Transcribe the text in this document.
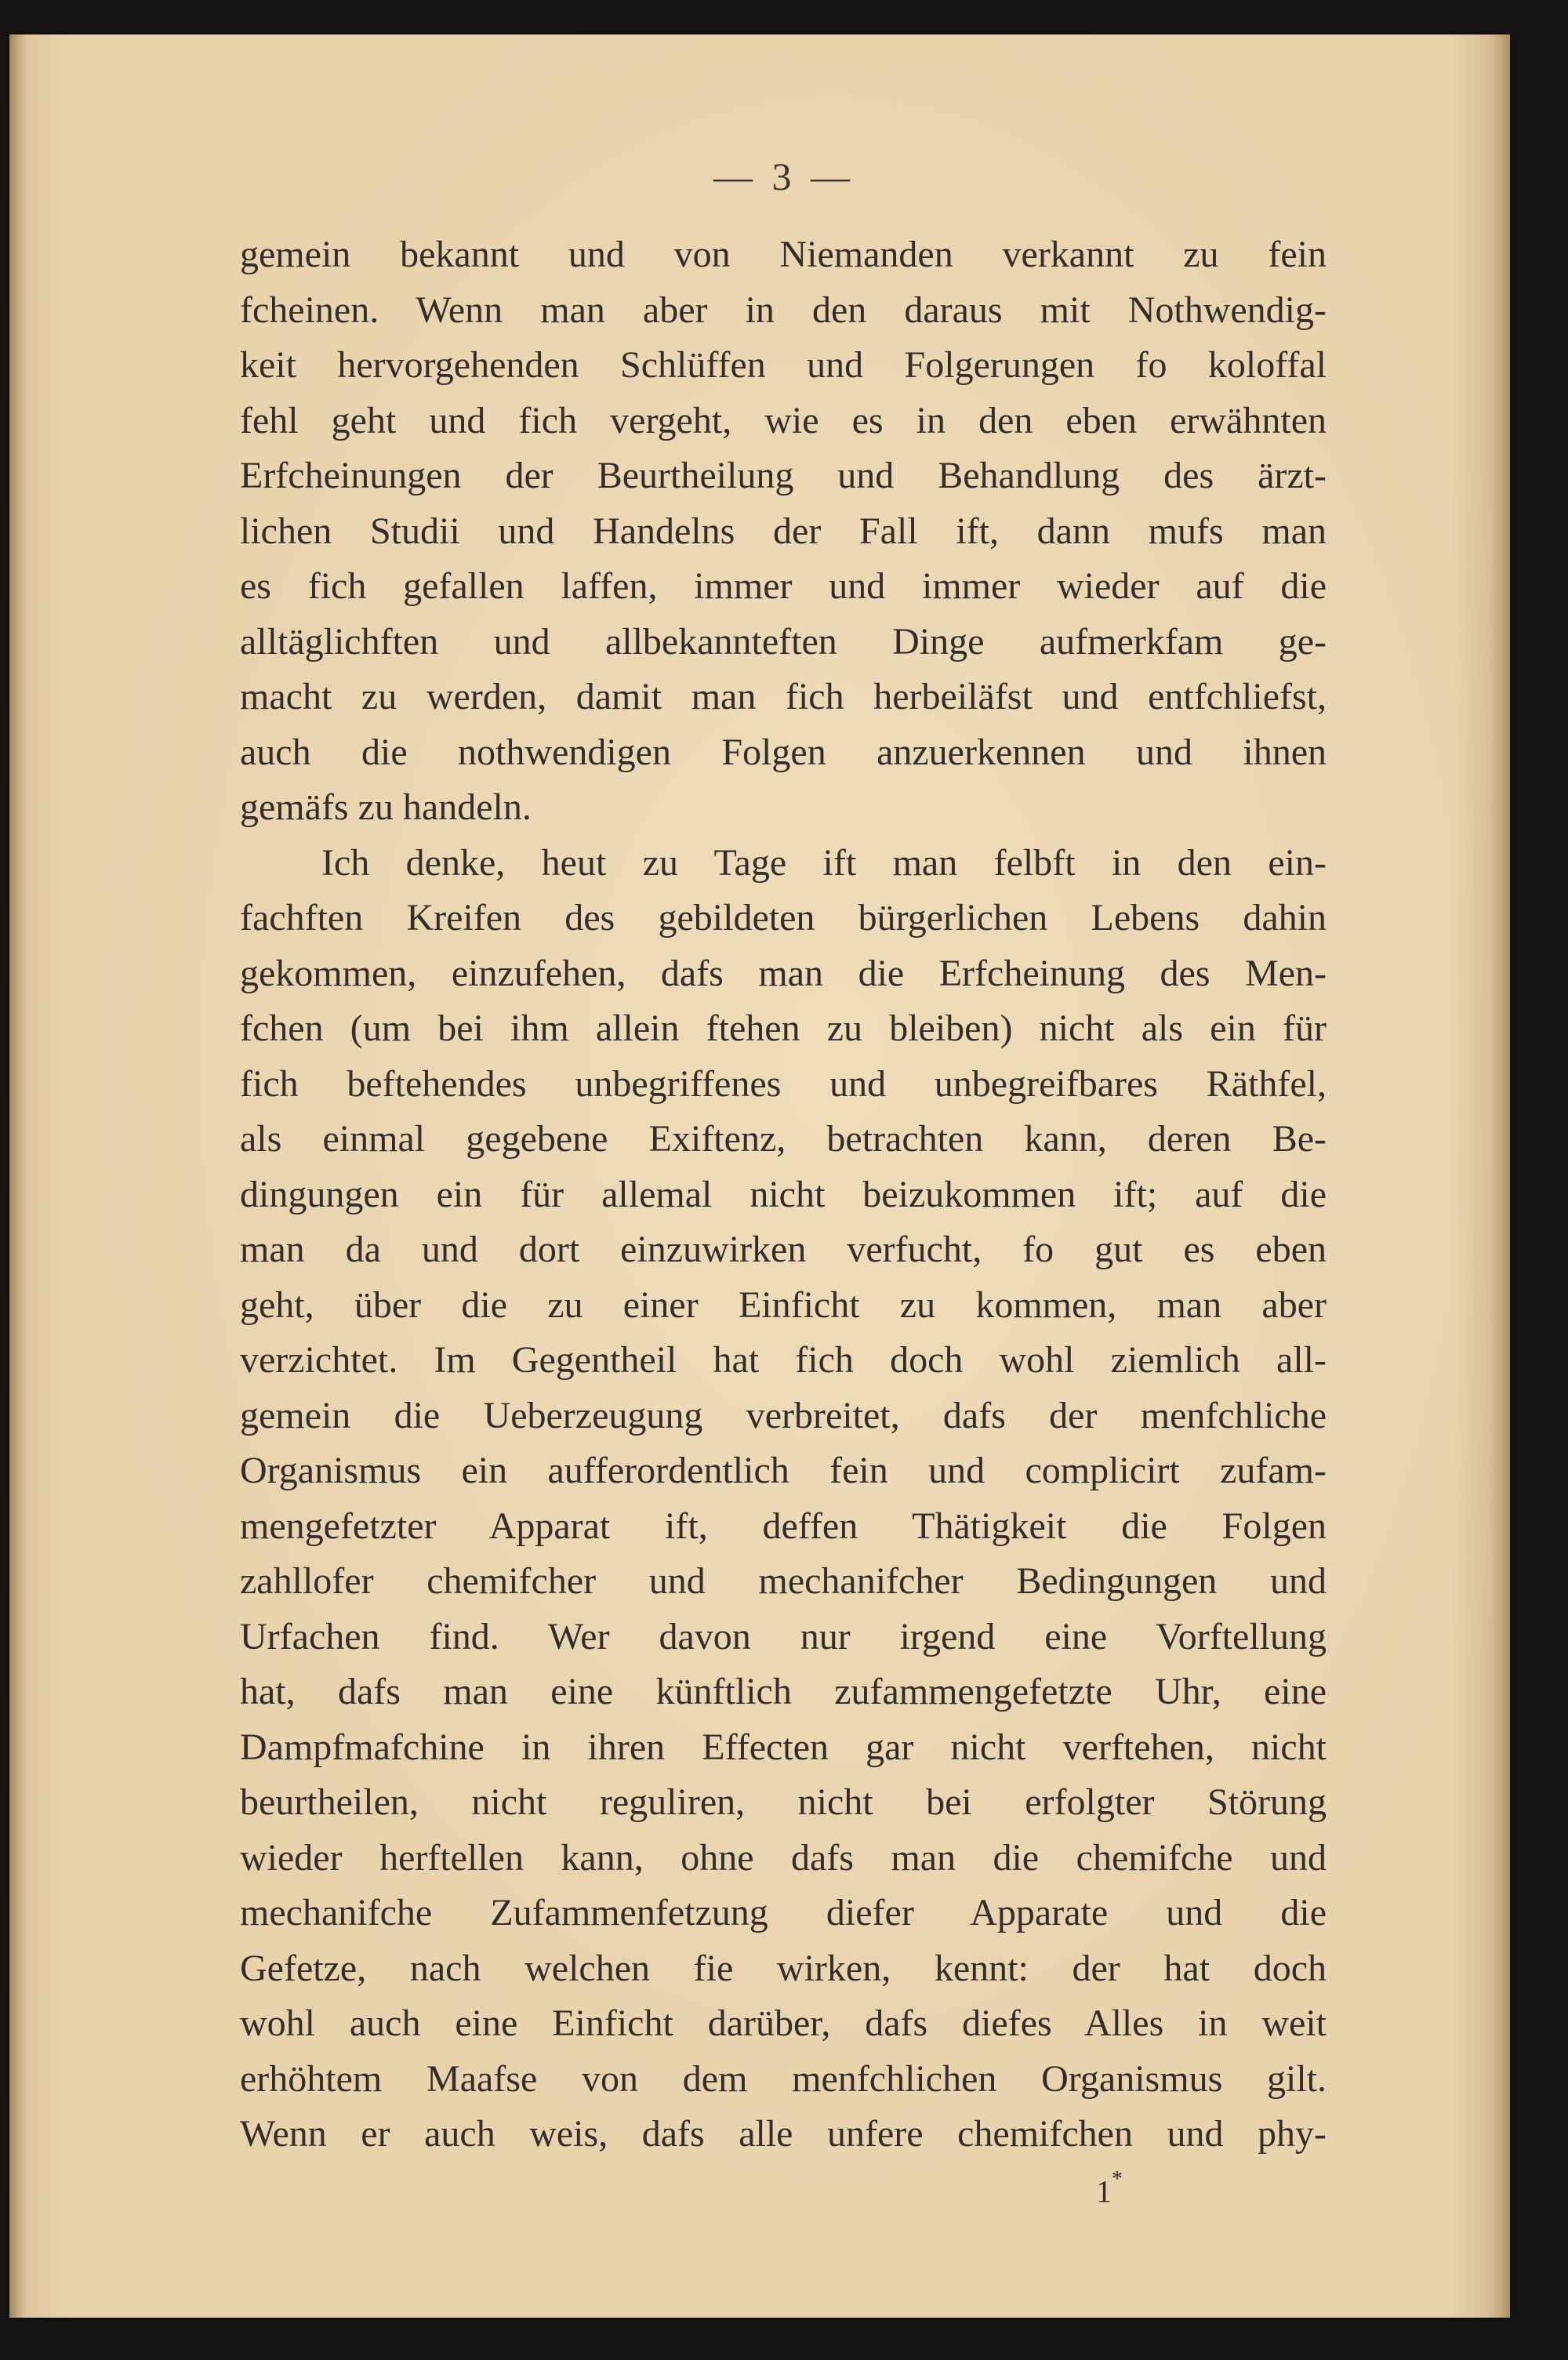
— 3 —
gemein bekannt und von Niemanden verkannt zu fein
fcheinen. Wenn man aber in den daraus mit Nothwendig-
keit hervorgehenden Schlüffen und Folgerungen fo koloffal
fehl geht und fich vergeht, wie es in den eben erwähnten
Erfcheinungen der Beurtheilung und Behandlung des ärzt-
lichen Studii und Handelns der Fall ift, dann mufs man
es fich gefallen laffen, immer und immer wieder auf die
alltäglichften und allbekannteften Dinge aufmerkfam ge-
macht zu werden, damit man fich herbeiläfst und entfchliefst,
auch die nothwendigen Folgen anzuerkennen und ihnen
gemäfs zu handeln.
Ich denke, heut zu Tage ift man felbft in den ein-
fachften Kreifen des gebildeten bürgerlichen Lebens dahin
gekommen, einzufehen, dafs man die Erfcheinung des Men-
fchen (um bei ihm allein ftehen zu bleiben) nicht als ein für
fich beftehendes unbegriffenes und unbegreifbares Räthfel,
als einmal gegebene Exiftenz, betrachten kann, deren Be-
dingungen ein für allemal nicht beizukommen ift; auf die
man da und dort einzuwirken verfucht, fo gut es eben
geht, über die zu einer Einficht zu kommen, man aber
verzichtet. Im Gegentheil hat fich doch wohl ziemlich all-
gemein die Ueberzeugung verbreitet, dafs der menfchliche
Organismus ein aufferordentlich fein und complicirt zufam-
mengefetzter Apparat ift, deffen Thätigkeit die Folgen
zahllofer chemifcher und mechanifcher Bedingungen und
Urfachen find. Wer davon nur irgend eine Vorftellung
hat, dafs man eine künftlich zufammengefetzte Uhr, eine
Dampfmafchine in ihren Effecten gar nicht verftehen, nicht
beurtheilen, nicht reguliren, nicht bei erfolgter Störung
wieder herftellen kann, ohne dafs man die chemifche und
mechanifche Zufammenfetzung diefer Apparate und die
Gefetze, nach welchen fie wirken, kennt: der hat doch
wohl auch eine Einficht darüber, dafs diefes Alles in weit
erhöhtem Maafse von dem menfchlichen Organismus gilt.
Wenn er auch weis, dafs alle unfere chemifchen und phy-
1*
